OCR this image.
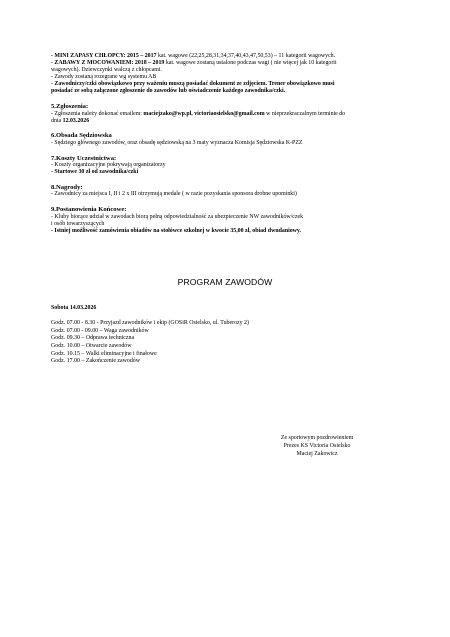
- MINI ZAPASY CHŁOPCY: 2015 – 2017 kat. wagowe (22,25,28,31,34,37,40,43,47,50,53) – 11 kategorii wagowych.
- ZABAWY Z MOCOWANIEM: 2018 – 2019 kat. wagowe zostaną ustalone podczas wagi ( nie więcej jak 10 kategorii
wagowych). Dziewczynki walczą z chłopcami.
- Zawody zostaną rozegrane wg systemu AB
- Zawodniczy/czki obowiązkowo przy ważeniu muszą posiadać dokument ze zdjęciem. Trener obowiązkowo musi
posiadać ze sobą załączone zgłoszenie do zawodów lub oświadczenie każdego zawodnika/czki.
5.Zgłoszenia:
- Zgłoszenia należy dokonać emailem: maciejzako@wp.pl, victoriaosielsko@gmail.com w nieprzekraczalnym terminie do
dnia 12.03.2026
6.Obsada Sędziowska
- Sędziego głównego zawodów, oraz obsadę sędziowską na 3 maty wyznacza Komisja Sędziowska K-PZZ
7.Koszty Uczestnictwa:
- Koszty organizacyjne pokrywają organizatorzy
- Startowe 30 zł od zawodnika/czki
8.Nagrody:
- Zawodnicy za miejsca I, II i 2 x III otrzymują medale ( w razie pozyskania sponsora drobne upominki)
9.Postanowienia Końcowe:
- Kluby biorące udział w zawodach biorą pełną odpowiedzialność za ubezpieczenie NW zawodników/czek
i osób towarzyszących
- Istniej możliwość zamówienia obiadów na stołówce szkolnej w kwocie 35,00 zł, obiad dwudaniowy.
PROGRAM ZAWODÓW
Sobota 14.03.2026
Godz. 07.00 - 8.30 - Przyjazd zawodników i ekip (GOSiR Osielsko, ul. Tuberozy 2)
Godz. 07.00 - 09.00 – Waga zawodników
Godz. 09.30 – Odprawa techniczna
Godz. 10.00 – Otwarcie zawodów
Godz. 10.15 – Walki eliminacyjne i finałowe
Godz. 17.00 – Zakończenie zawodów
Ze sportowym pozdrowieniem
Prezes KS Victoria Osielsko
Maciej Zakowicz
